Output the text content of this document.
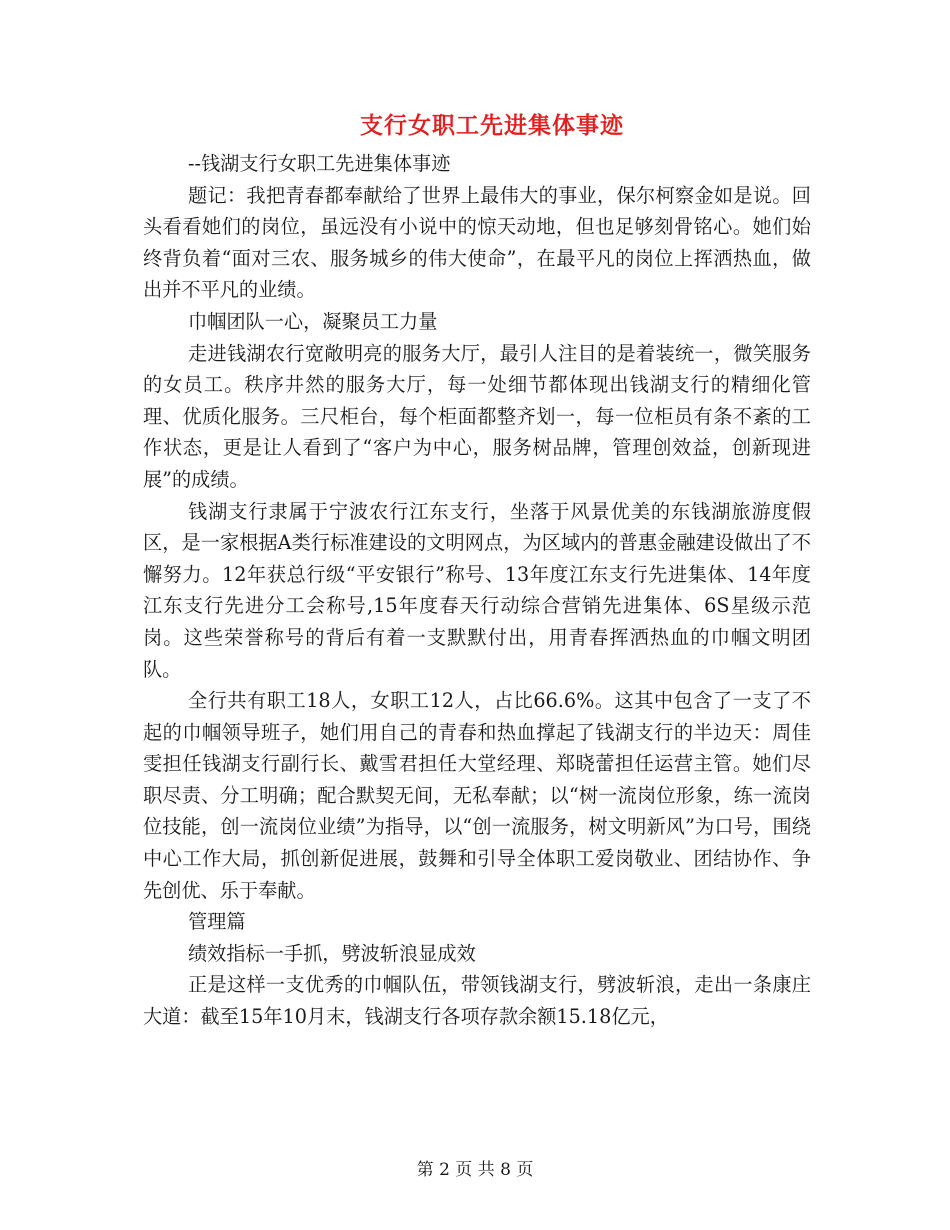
支行女职工先进集体事迹

--钱湖支行女职工先进集体事迹

题记：我把青春都奉献给了世界上最伟大的事业，保尔柯察金如是说。回头看看她们的岗位，虽远没有小说中的惊天动地，但也足够刻骨铭心。她们始终背负着“面对三农、服务城乡的伟大使命”，在最平凡的岗位上挥洒热血，做出并不平凡的业绩。

巾帼团队一心，凝聚员工力量

走进钱湖农行宽敞明亮的服务大厅，最引人注目的是着装统一，微笑服务的女员工。秩序井然的服务大厅，每一处细节都体现出钱湖支行的精细化管理、优质化服务。三尺柜台，每个柜面都整齐划一，每一位柜员有条不紊的工作状态，更是让人看到了“客户为中心，服务树品牌，管理创效益，创新现进展”的成绩。

钱湖支行隶属于宁波农行江东支行，坐落于风景优美的东钱湖旅游度假区，是一家根据A类行标准建设的文明网点，为区域内的普惠金融建设做出了不懈努力。12年获总行级“平安银行”称号、13年度江东支行先进集体、14年度江东支行先进分工会称号,15年度春天行动综合营销先进集体、6S星级示范岗。这些荣誉称号的背后有着一支默默付出，用青春挥洒热血的巾帼文明团队。

全行共有职工18人，女职工12人，占比66.6%。这其中包含了一支了不起的巾帼领导班子，她们用自己的青春和热血撑起了钱湖支行的半边天：周佳雯担任钱湖支行副行长、戴雪君担任大堂经理、郑晓蕾担任运营主管。她们尽职尽责、分工明确；配合默契无间，无私奉献；以“树一流岗位形象，练一流岗位技能，创一流岗位业绩”为指导，以“创一流服务，树文明新风”为口号，围绕中心工作大局，抓创新促进展，鼓舞和引导全体职工爱岗敬业、团结协作、争先创优、乐于奉献。

管理篇

绩效指标一手抓，劈波斩浪显成效

正是这样一支优秀的巾帼队伍，带领钱湖支行，劈波斩浪，走出一条康庄大道：截至15年10月末，钱湖支行各项存款余额15.18亿元，

第 2 页 共 8 页
